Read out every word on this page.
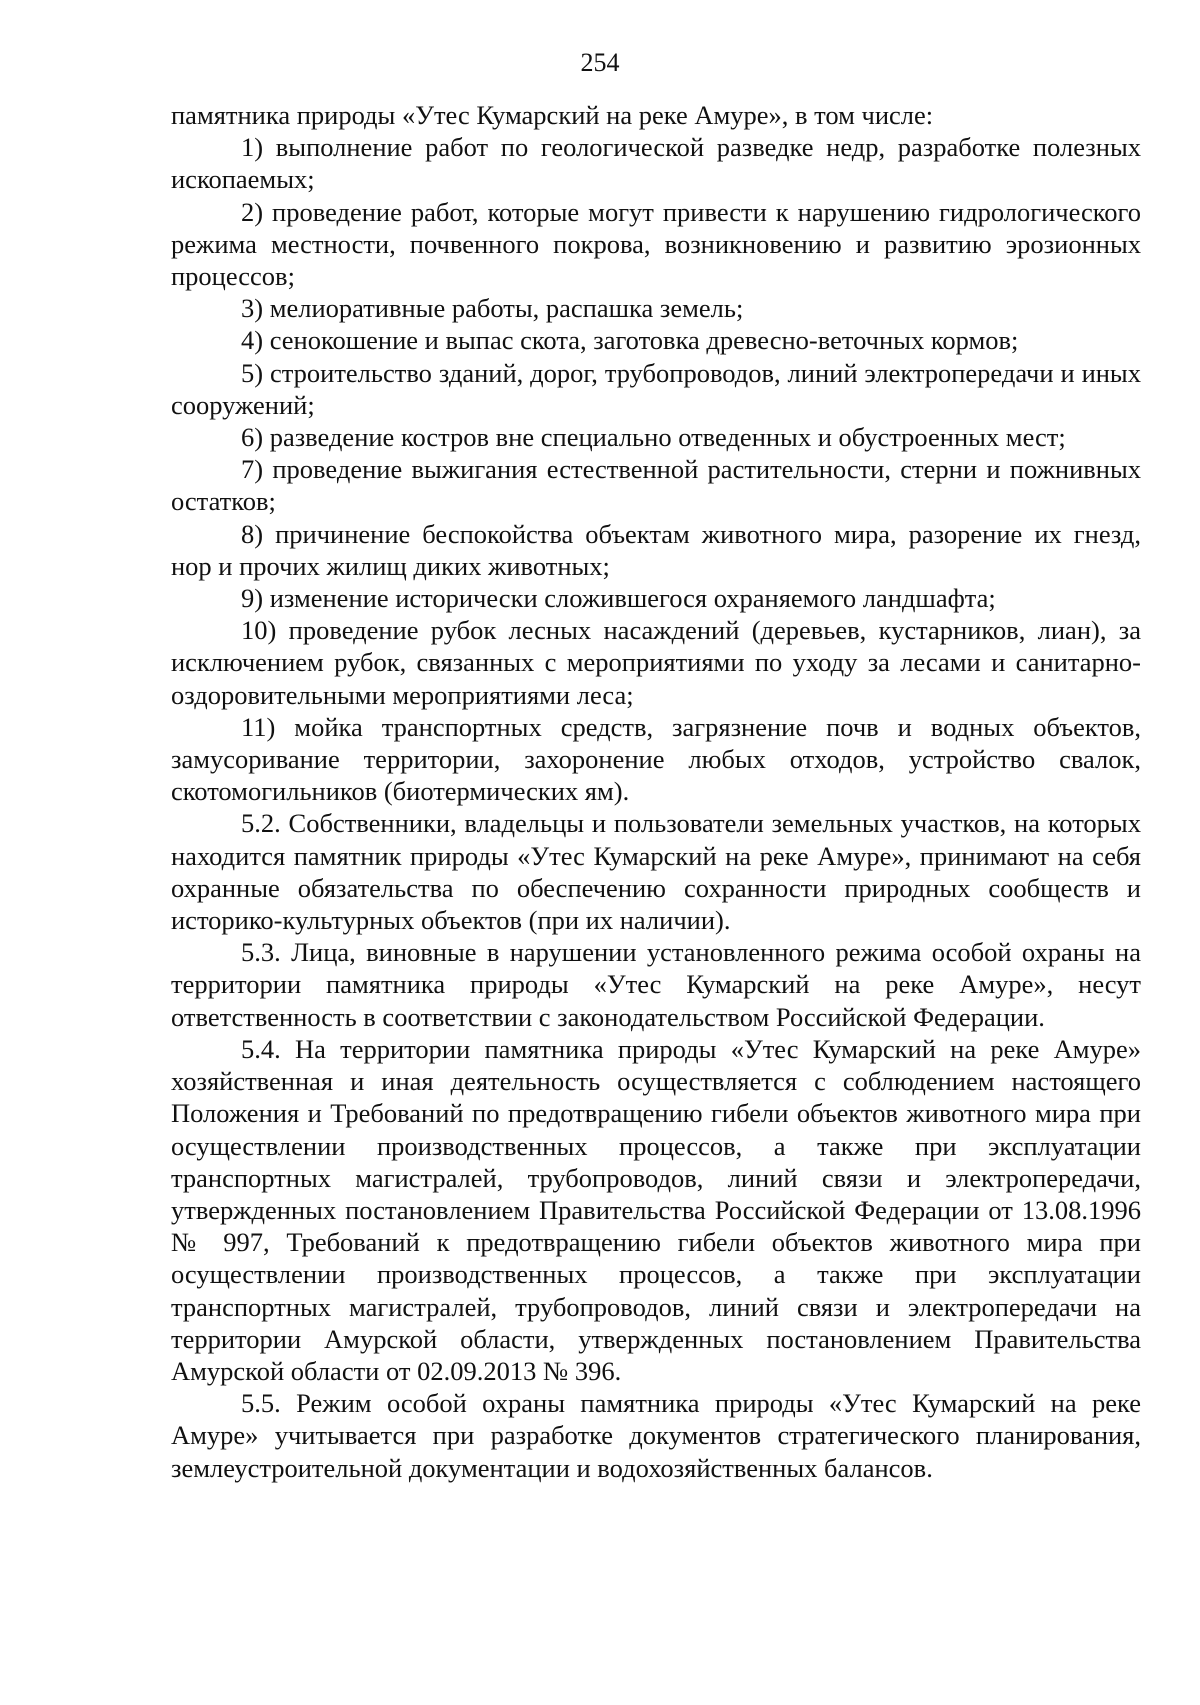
254

памятника природы «Утес Кумарский на реке Амуре», в том числе:

1) выполнение работ по геологической разведке недр, разработке полезных ископаемых;

2) проведение работ, которые могут привести к нарушению гидрологического режима местности, почвенного покрова, возникновению и развитию эрозионных процессов;

3) мелиоративные работы, распашка земель;

4) сенокошение и выпас скота, заготовка древесно-веточных кормов;

5) строительство зданий, дорог, трубопроводов, линий электропередачи и иных сооружений;

6) разведение костров вне специально отведенных и обустроенных мест;

7) проведение выжигания естественной растительности, стерни и пожнивных остатков;

8) причинение беспокойства объектам животного мира, разорение их гнезд, нор и прочих жилищ диких животных;

9) изменение исторически сложившегося охраняемого ландшафта;

10) проведение рубок лесных насаждений (деревьев, кустарников, лиан), за исключением рубок, связанных с мероприятиями по уходу за лесами и санитарно-оздоровительными мероприятиями леса;

11) мойка транспортных средств, загрязнение почв и водных объектов, замусоривание территории, захоронение любых отходов, устройство свалок, скотомогильников (биотермических ям).

5.2. Собственники, владельцы и пользователи земельных участков, на которых находится памятник природы «Утес Кумарский на реке Амуре», принимают на себя охранные обязательства по обеспечению сохранности природных сообществ и историко-культурных объектов (при их наличии).

5.3. Лица, виновные в нарушении установленного режима особой охраны на территории памятника природы «Утес Кумарский на реке Амуре», несут ответственность в соответствии с законодательством Российской Федерации.

5.4. На территории памятника природы «Утес Кумарский на реке Амуре» хозяйственная и иная деятельность осуществляется с соблюдением настоящего Положения и Требований по предотвращению гибели объектов животного мира при осуществлении производственных процессов, а также при эксплуатации транспортных магистралей, трубопроводов, линий связи и электропередачи, утвержденных постановлением Правительства Российской Федерации от 13.08.1996 № 997, Требований к предотвращению гибели объектов животного мира при осуществлении производственных процессов, а также при эксплуатации транспортных магистралей, трубопроводов, линий связи и электропередачи на территории Амурской области, утвержденных постановлением Правительства Амурской области от 02.09.2013 № 396.

5.5. Режим особой охраны памятника природы «Утес Кумарский на реке Амуре» учитывается при разработке документов стратегического планирования, землеустроительной документации и водохозяйственных балансов.
